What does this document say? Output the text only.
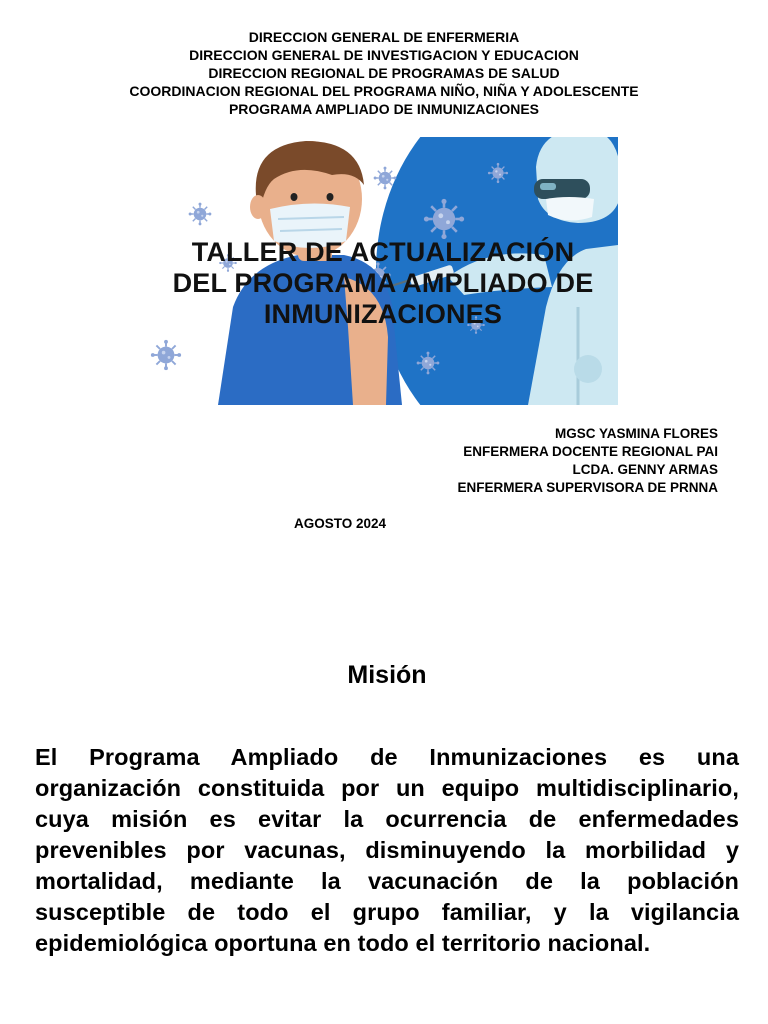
DIRECCION GENERAL DE ENFERMERIA
DIRECCION GENERAL DE INVESTIGACION Y EDUCACION
DIRECCION REGIONAL DE PROGRAMAS DE SALUD
COORDINACION REGIONAL DEL PROGRAMA NIÑO, NIÑA Y ADOLESCENTE
PROGRAMA AMPLIADO DE INMUNIZACIONES
TALLER DE ACTUALIZACIÓN
DEL PROGRAMA AMPLIADO DE
INMUNIZACIONES
MGSC YASMINA FLORES
ENFERMERA DOCENTE REGIONAL PAI
LCDA. GENNY ARMAS
ENFERMERA SUPERVISORA DE PRNNA
AGOSTO 2024
Misión
El Programa Ampliado de Inmunizaciones es una organización constituida por un equipo multidisciplinario, cuya misión es evitar la ocurrencia de enfermedades prevenibles por vacunas, disminuyendo la morbilidad y mortalidad, mediante la vacunación de la población susceptible de todo el grupo familiar, y la vigilancia epidemiológica oportuna en todo el territorio nacional.
